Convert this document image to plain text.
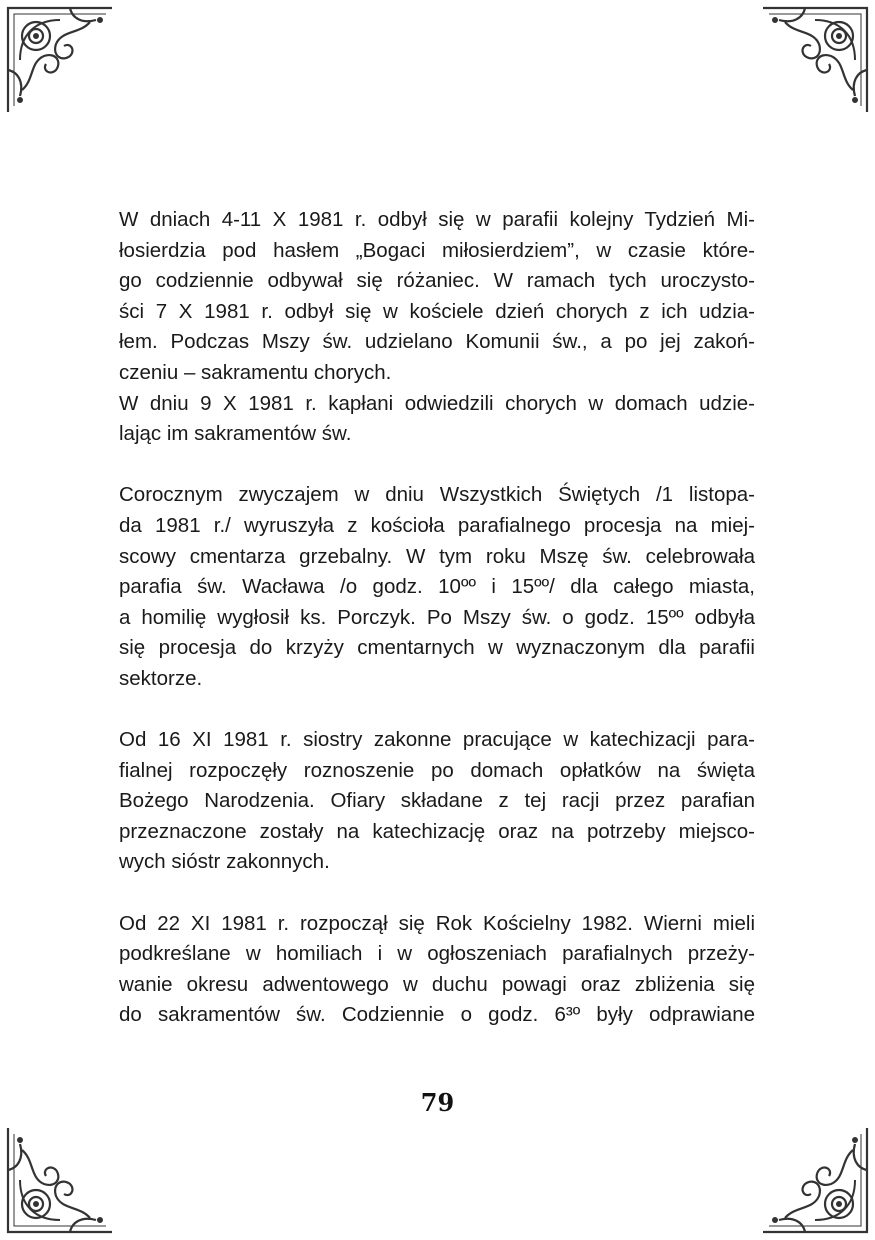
W dniach 4-11 X 1981 r. odbył się w parafii kolejny Tydzień Mi-
łosierdzia pod hasłem „Bogaci miłosierdziem”, w czasie które-
go codziennie odbywał się różaniec. W ramach tych uroczysto-
ści 7 X 1981 r. odbył się w kościele dzień chorych z ich udzia-
łem. Podczas Mszy św. udzielano Komunii św., a po jej zakoń-
czeniu – sakramentu chorych.
W dniu 9 X 1981 r. kapłani odwiedzili chorych w domach udzie-
lając im sakramentów św.
Corocznym zwyczajem w dniu Wszystkich Świętych /1 listopa-
da 1981 r./ wyruszyła z kościoła parafialnego procesja na miej-
scowy cmentarza grzebalny. W tym roku Mszę św. celebrowała
parafia św. Wacława /o godz. 10ºº i 15ºº/ dla całego miasta,
a homilię wygłosił ks. Porczyk. Po Mszy św. o godz. 15ºº odbyła
się procesja do krzyży cmentarnych w wyznaczonym dla parafii
sektorze.
Od 16 XI 1981 r. siostry zakonne pracujące w katechizacji para-
fialnej rozpoczęły roznoszenie po domach opłatków na święta
Bożego Narodzenia. Ofiary składane z tej racji przez parafian
przeznaczone zostały na katechizację oraz na potrzeby miejsco-
wych sióstr zakonnych.
Od 22 XI 1981 r. rozpoczął się Rok Kościelny 1982. Wierni mieli
podkreślane w homiliach i w ogłoszeniach parafialnych przeży-
wanie okresu adwentowego w duchu powagi oraz zbliżenia się
do sakramentów św. Codziennie o godz. 6³º były odprawiane
79
